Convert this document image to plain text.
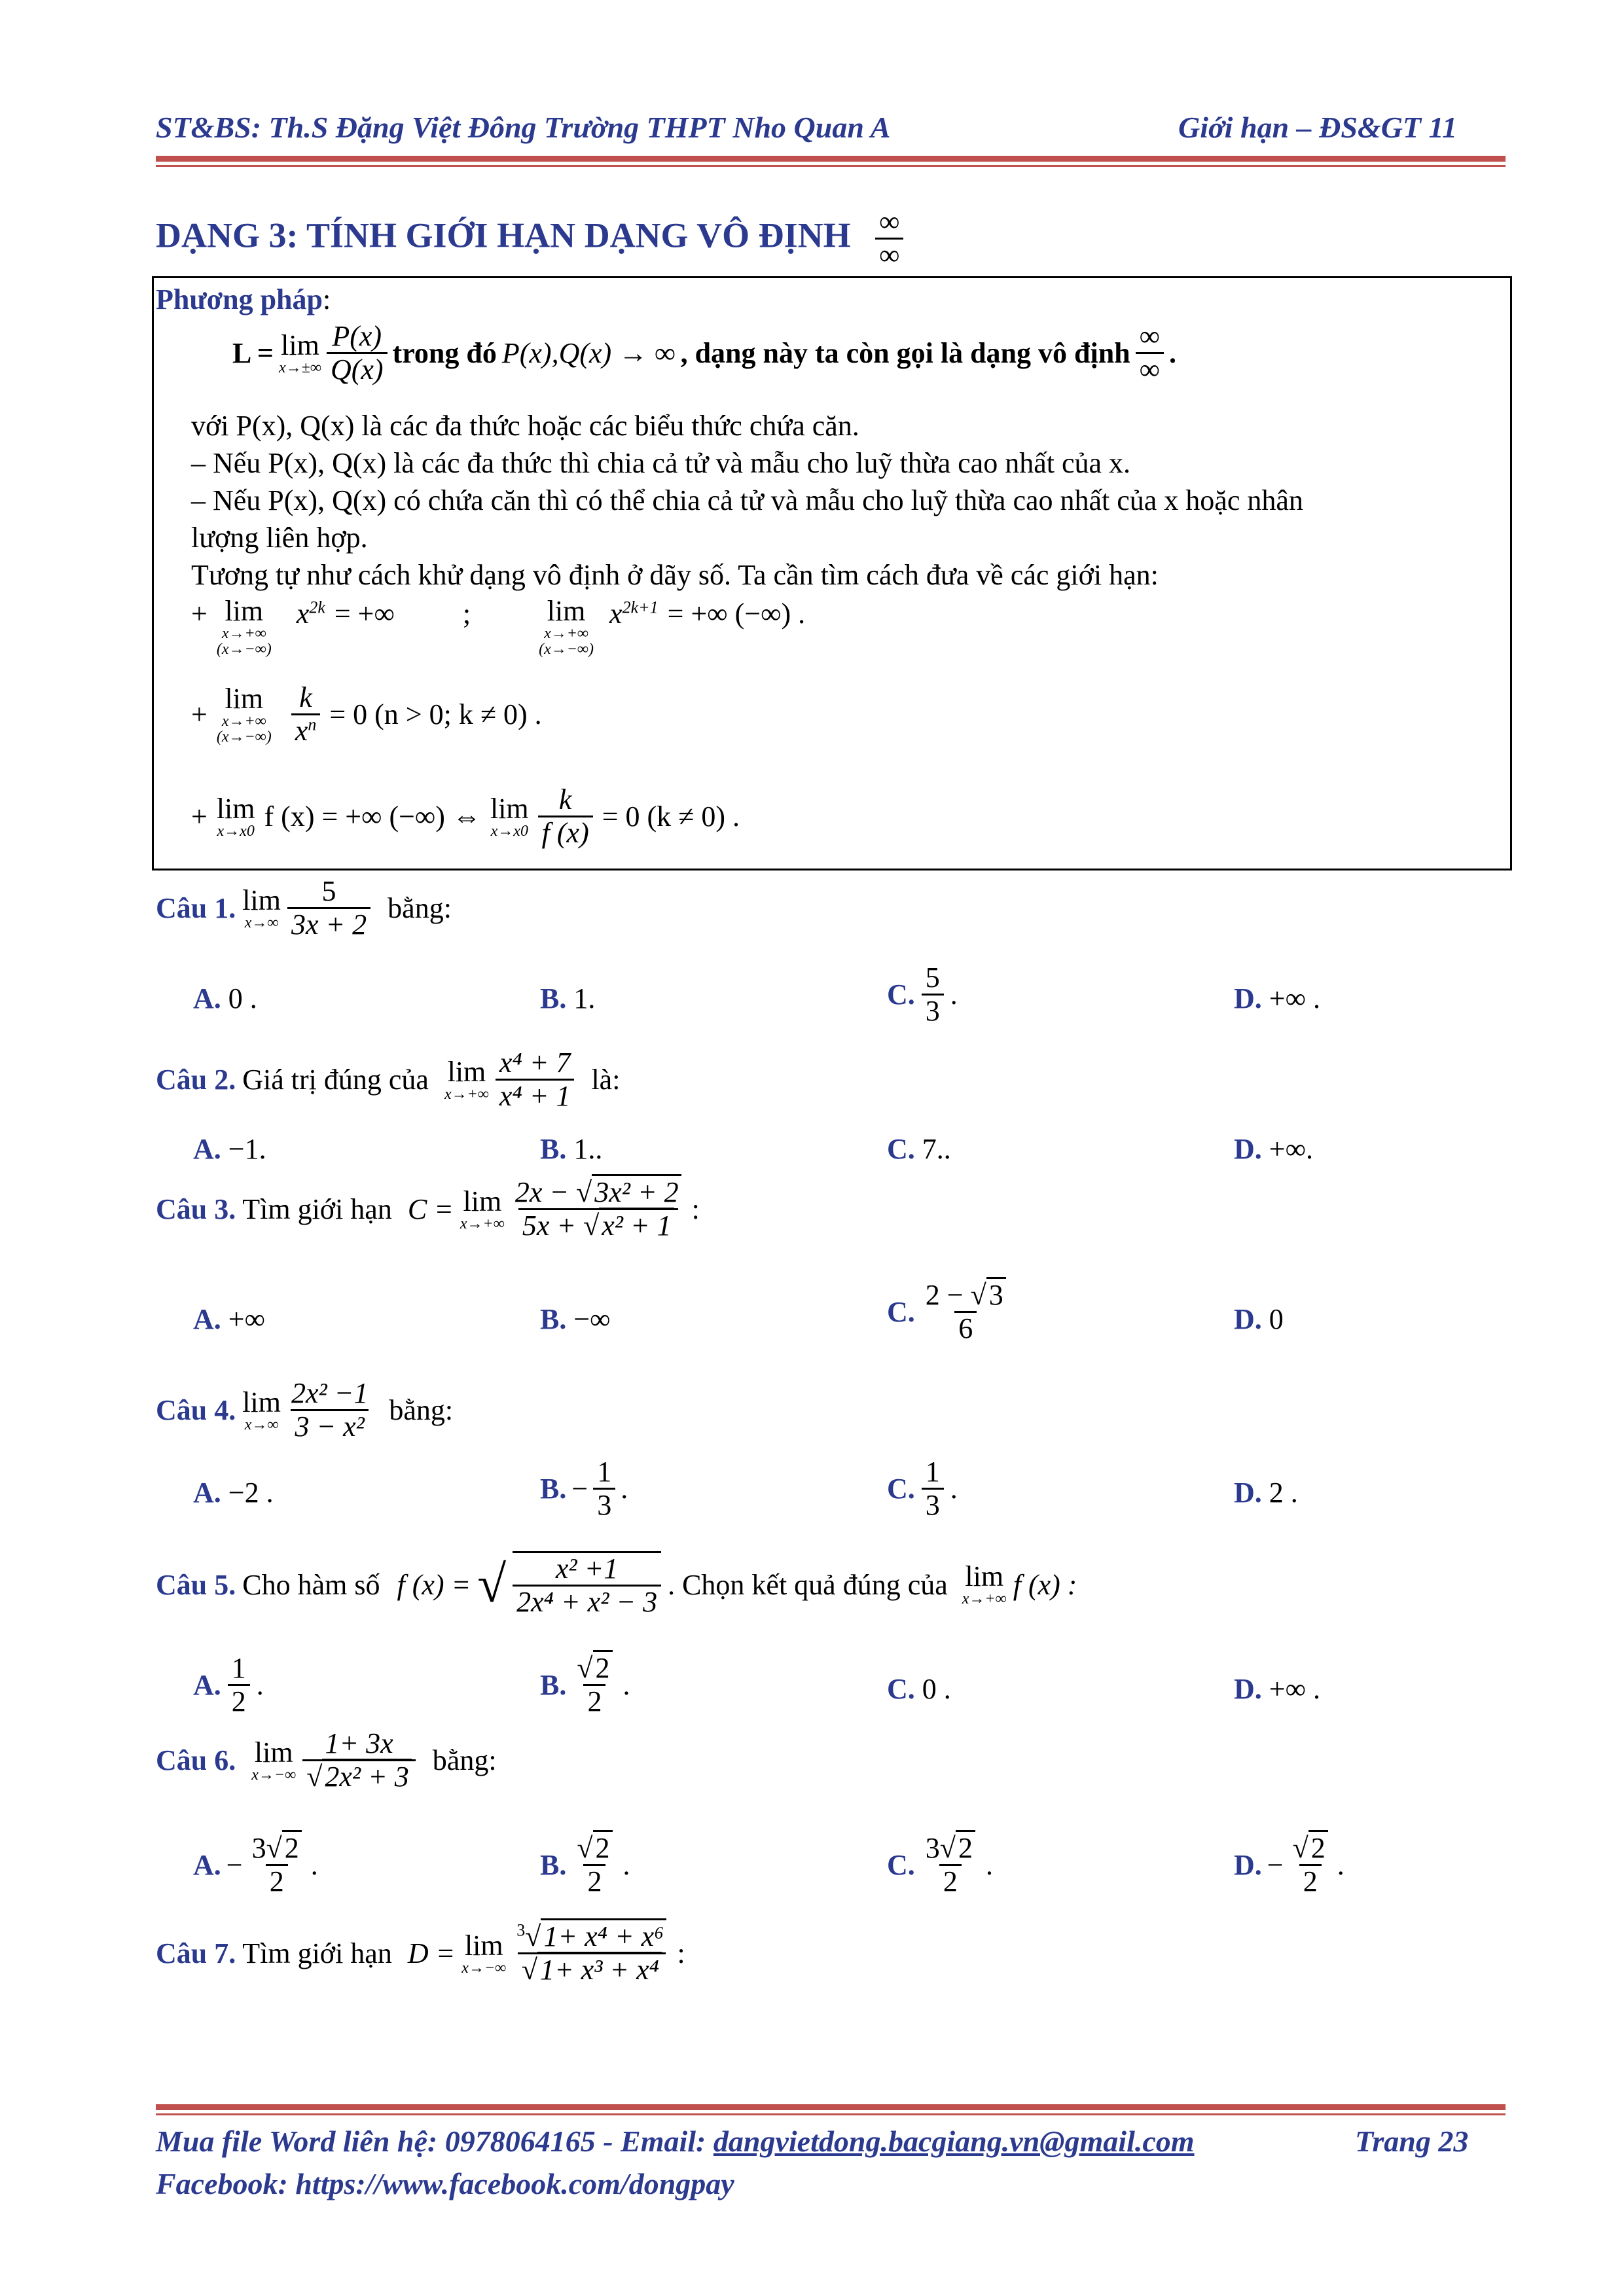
ST&BS: Th.S Đặng Việt Đông Trường THPT Nho Quan A	Giới hạn – ĐS&GT 11
DẠNG 3: TÍNH GIỚI HẠN DẠNG VÔ ĐỊNH $\frac{\infty}{\infty}$
Phương pháp:
L = lim
$x\to\pm\infty \frac{P(x)}{Q(x)}$ trong đó P(x),Q(x) → ∞ , dạng này ta còn gọi là dạng vô định $\frac{\infty}{\infty}$ .
với P(x), Q(x) là các đa thức hoặc các biểu thức chứa căn.
– Nếu P(x), Q(x) là các đa thức thì chia cả tử và mẫu cho luỹ thừa cao nhất của x.
– Nếu P(x), Q(x) có chứa căn thì có thể chia cả tử và mẫu cho luỹ thừa cao nhất của x hoặc nhân
lượng liên hợp.
Tương tự như cách khử dạng vô định ở dãy số. Ta cần tìm cách đưa về các giới hạn:
+ lim
x→+∞
(x→−∞)
$x^{2k}$ = +∞ ;	lim
x→+∞
(x→−∞)
$x^{2k+1}$ = +∞ (−∞) .
+ lim
x→+∞
$(x\to-\infty) \frac{k}{x^n} = 0$ (n > 0; k ≠ 0) .
+ lim
x→x0 f (x) = +∞ (−∞) ⇔ lim
$x\to x0 \frac{k}{f (x)} = 0$ (k ≠ 0) .
Câu 1. lim
$x\to\infty \frac{5}{3x + 2}$ bằng:
A. 0 .	B. 1.	C. $\frac{5}{3}$ .	D. +∞ .
Câu 2. Giá trị đúng của lim
$x\to+\infty \frac{\text{x⁴ + 7}}{\text{x⁴ + 1}}$ là:
A. −1.	B. 1..	C. 7..	D. +∞.
Câu 3. Tìm giới hạn C = lim
$x\to+\infty \frac{\text{2x − √3x² + 2}}{\text{5x + √x² + 1}}$ :
A. +∞	B. −∞	C. $\frac{2 - √3}{6}$	D. 0
Câu 4. lim
$x\to\infty \frac{\text{2x² −1}}{\text{3 − x²}}$ bằng:
A. −2 .	B. − $\frac{1}{3}$ .	C. $\frac{1}{3}$ .	D. 2 .
Câu 5. Cho hàm số f (x) = √ $\frac{\text{x² +1}}{\text{2x⁴ + x² − 3}}$ . Chọn kết quả đúng của lim
x→+∞ f (x) :
A. $\frac{1}{2}$ .	B. $\frac{√2}{2}$ .	C. 0 .	D. +∞ .
Câu 6. lim
$x\to-\infty \frac{1+ 3x}{\text{√2x² + 3}}$ bằng:
A. − $\frac{3√2}{2}$ .	B. $\frac{√2}{2}$ .	C. $\frac{3√2}{2}$ .	D. − $\frac{√2}{2}$ .
Câu 7. Tìm giới hạn D = lim
$x\to-\infty \frac{^3√1+ x^4 + x^6}{\text{√1+ x³ + x⁴}}$ :
Mua file Word liên hệ: 0978064165 - Email: dangvietdong.bacgiang.vn@gmail.com	Trang 23
Facebook: https://www.facebook.com/dongpay
